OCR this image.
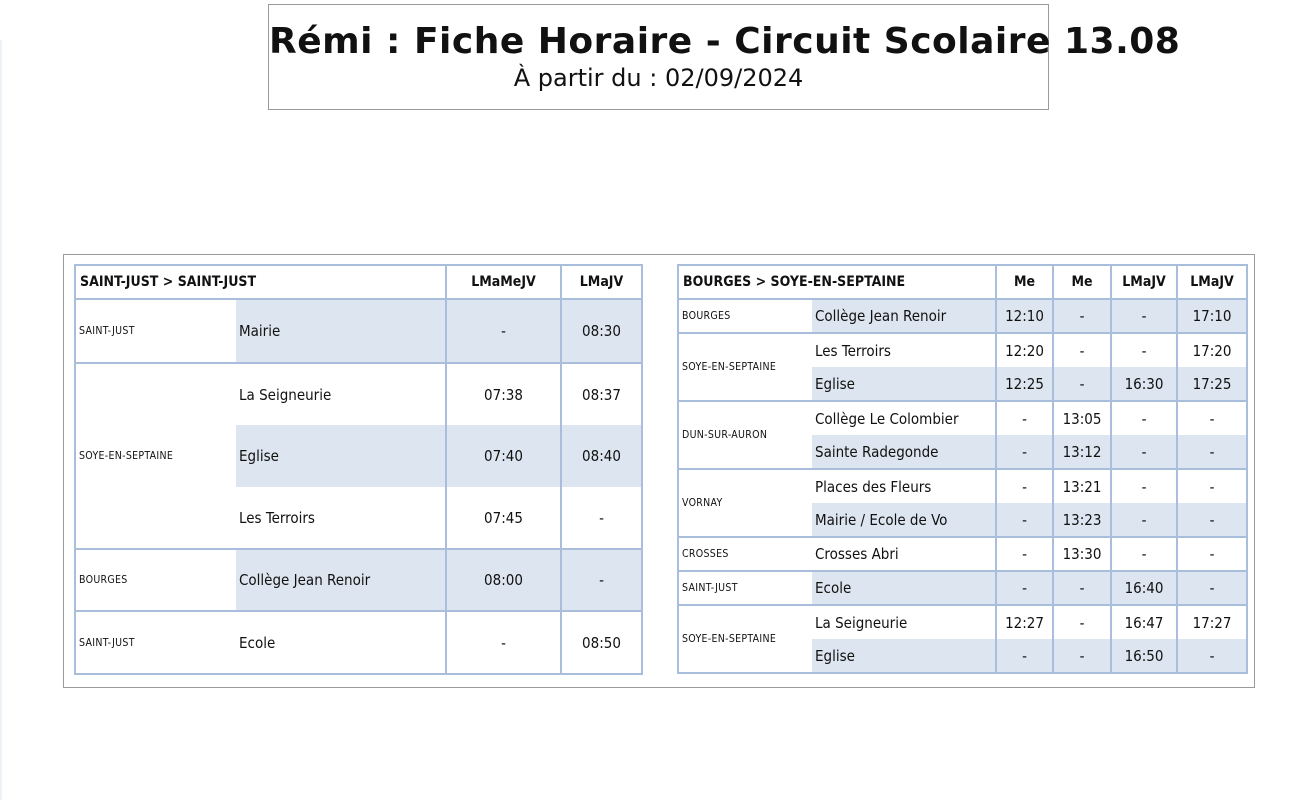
Rémi : Fiche Horaire - Circuit Scolaire 13.08
À partir du : 02/09/2024
SAINT-JUST > SAINT-JUST		LMaMeJV	LMaJV
SAINT-JUST	Mairie	-	08:30
SOYE-EN-SEPTAINE	La Seigneurie	07:38	08:37
	Eglise	07:40	08:40
	Les Terroirs	07:45	-
BOURGES	Collège Jean Renoir	08:00	-
SAINT-JUST	Ecole	-	08:50
BOURGES > SOYE-EN-SEPTAINE		Me	Me	LMaJV	LMaJV
BOURGES	Collège Jean Renoir	12:10	-	-	17:10
SOYE-EN-SEPTAINE	Les Terroirs	12:20	-	-	17:20
	Eglise	12:25	-	16:30	17:25
DUN-SUR-AURON	Collège Le Colombier	-	13:05	-	-
	Sainte Radegonde	-	13:12	-	-
VORNAY	Places des Fleurs	-	13:21	-	-
	Mairie / Ecole de Vo	-	13:23	-	-
CROSSES	Crosses Abri	-	13:30	-	-
SAINT-JUST	Ecole	-	-	16:40	-
SOYE-EN-SEPTAINE	La Seigneurie	12:27	-	16:47	17:27
	Eglise	-	-	16:50	-
